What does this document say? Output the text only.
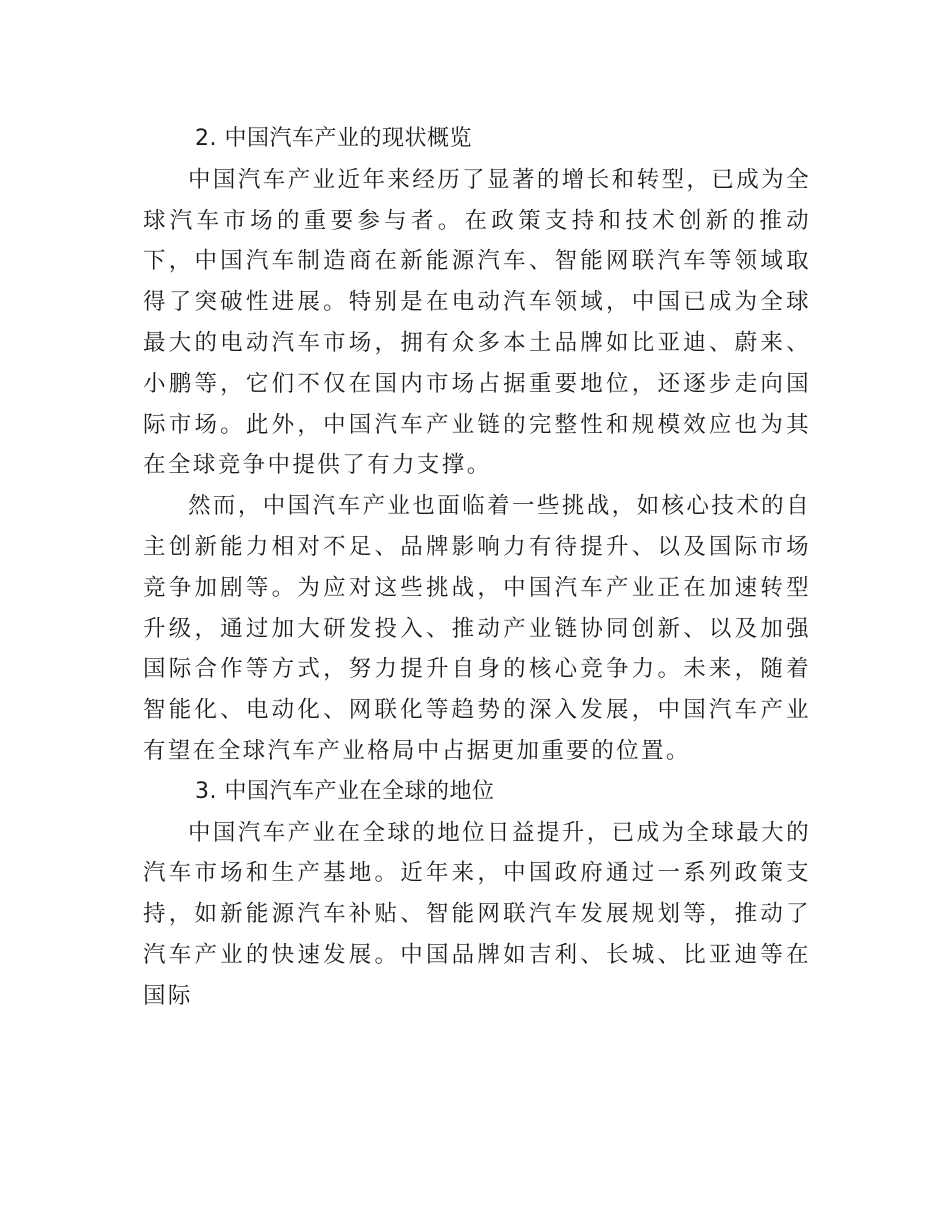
2. 中国汽车产业的现状概览

中国汽车产业近年来经历了显著的增长和转型，已成为全球汽车市场的重要参与者。在政策支持和技术创新的推动下，中国汽车制造商在新能源汽车、智能网联汽车等领域取得了突破性进展。特别是在电动汽车领域，中国已成为全球最大的电动汽车市场，拥有众多本土品牌如比亚迪、蔚来、小鹏等，它们不仅在国内市场占据重要地位，还逐步走向国际市场。此外，中国汽车产业链的完整性和规模效应也为其在全球竞争中提供了有力支撑。

然而，中国汽车产业也面临着一些挑战，如核心技术的自主创新能力相对不足、品牌影响力有待提升、以及国际市场竞争加剧等。为应对这些挑战，中国汽车产业正在加速转型升级，通过加大研发投入、推动产业链协同创新、以及加强国际合作等方式，努力提升自身的核心竞争力。未来，随着智能化、电动化、网联化等趋势的深入发展，中国汽车产业有望在全球汽车产业格局中占据更加重要的位置。

3. 中国汽车产业在全球的地位

中国汽车产业在全球的地位日益提升，已成为全球最大的汽车市场和生产基地。近年来，中国政府通过一系列政策支持，如新能源汽车补贴、智能网联汽车发展规划等，推动了汽车产业的快速发展。中国品牌如吉利、长城、比亚迪等在国际
